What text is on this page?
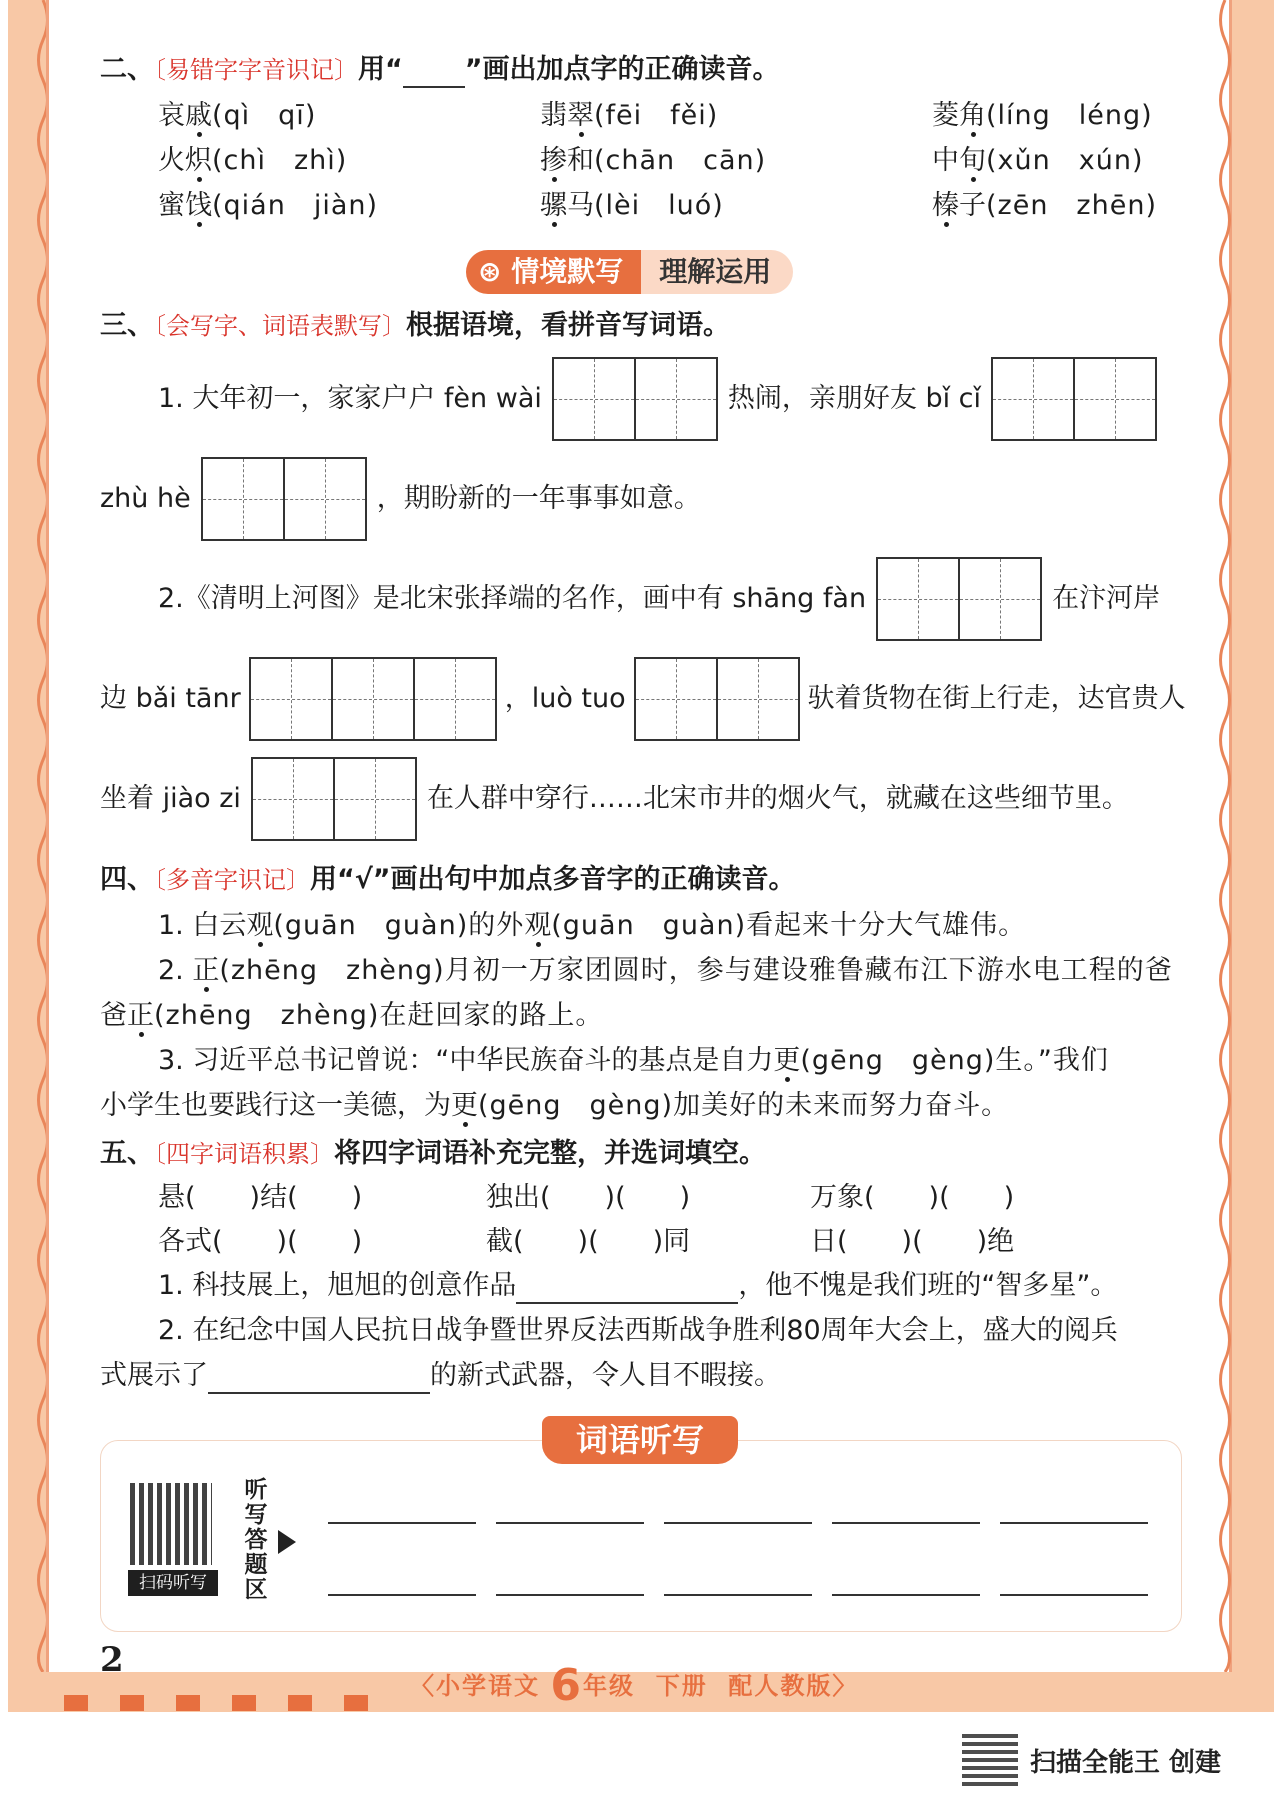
二、〔易错字字音识记〕用“ ”画出加点字的正确读音。
哀戚(qì　qī)	翡翠(fēi　fěi)	菱角(líng　léng)
火炽(chì　zhì)	掺和(chān　cān)	中旬(xǔn　xún)
蜜饯(qián　jiàn)	骡马(lèi　luó)	榛子(zēn　zhēn)
⊛ 情境默写	理解运用
三、〔会写字、词语表默写〕根据语境，看拼音写词语。
1. 大年初一，家家户户 fèn wài	热闹，亲朋好友 bǐ cǐ
zhù hè	，期盼新的一年事事如意。
2.《清明上河图》是北宋张择端的名作，画中有 shāng fàn	在汴河岸
边 bǎi tānr	，luò tuo	驮着货物在街上行走，达官贵人
坐着 jiào zi	在人群中穿行……北宋市井的烟火气，就藏在这些细节里。
四、〔多音字识记〕用“√”画出句中加点多音字的正确读音。
1. 白云观(guān　guàn)的外观(guān　guàn)看起来十分大气雄伟。
2. 正(zhēng　zhèng)月初一万家团圆时，参与建设雅鲁藏布江下游水电工程的爸
爸正(zhēng　zhèng)在赶回家的路上。
3. 习近平总书记曾说：“中华民族奋斗的基点是自力更(gēng　gèng)生。”我们
小学生也要践行这一美德，为更(gēng　gèng)加美好的未来而努力奋斗。
五、〔四字词语积累〕将四字词语补充完整，并选词填空。
悬(　　)结(　　)	独出(　　)(　　)	万象(　　)(　　)
各式(　　)(　　)	截(　　)(　　)同	日(　　)(　　)绝
1. 科技展上，旭旭的创意作品	，他不愧是我们班的“智多星”。
2. 在纪念中国人民抗日战争暨世界反法西斯战争胜利80周年大会上，盛大的阅兵
式展示了	的新式武器，令人目不暇接。
词语听写
扫码听写
听写答题区
2
〈小学语文 6年级 下册 配人教版〉
扫描全能王 创建
